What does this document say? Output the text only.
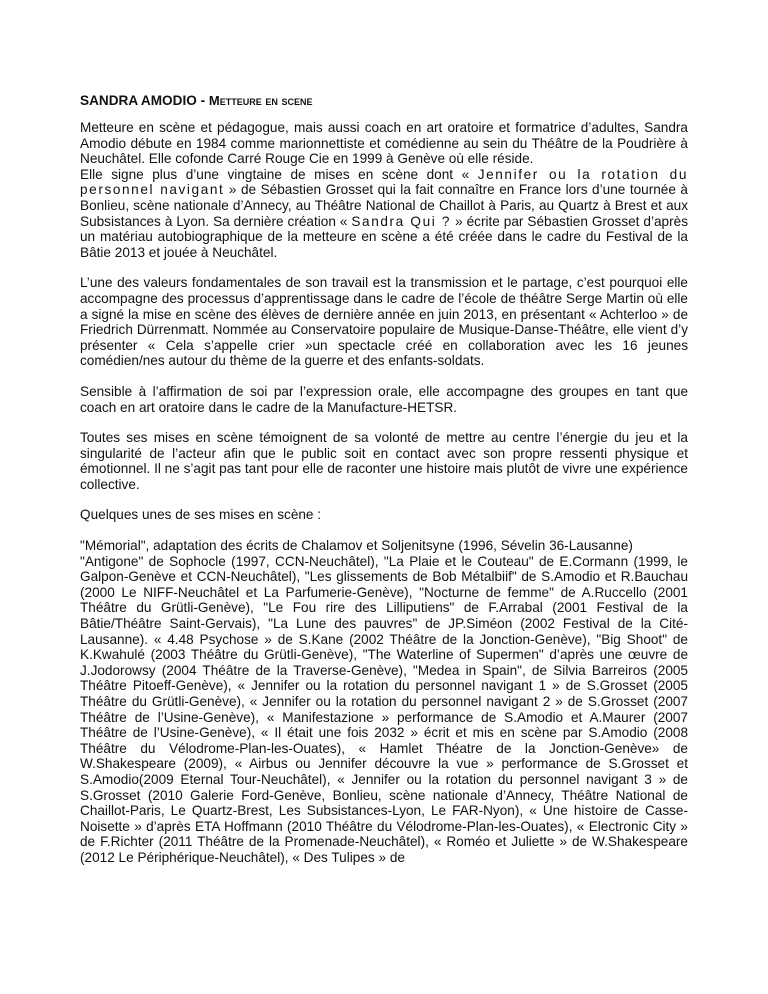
SANDRA AMODIO - Metteure en scene

Metteure en scène et pédagogue, mais aussi coach en art oratoire et formatrice d’adultes, Sandra Amodio débute en 1984 comme marionnettiste et comédienne au sein du Théâtre de la Poudrière à Neuchâtel. Elle cofonde Carré Rouge Cie en 1999 à Genève où elle réside.

Elle signe plus d’une vingtaine de mises en scène dont « Jennifer ou la rotation du personnel navigant » de Sébastien Grosset qui la fait connaître en France lors d’une tournée à Bonlieu, scène nationale d’Annecy, au Théâtre National de Chaillot à Paris, au Quartz à Brest et aux Subsistances à Lyon. Sa dernière création « Sandra Qui ? » écrite par Sébastien Grosset d’après un matériau autobiographique de la metteure en scène a été créée dans le cadre du Festival de la Bâtie 2013 et jouée à Neuchâtel.

L’une des valeurs fondamentales de son travail est la transmission et le partage, c’est pourquoi elle accompagne des processus d’apprentissage dans le cadre de l’école de théâtre Serge Martin où elle a signé la mise en scène des élèves de dernière année en juin 2013, en présentant « Achterloo » de Friedrich Dürrenmatt. Nommée au Conservatoire populaire de Musique-Danse-Théâtre, elle vient d’y présenter « Cela s’appelle crier »un spectacle créé en collaboration avec les 16 jeunes comédien/nes autour du thème de la guerre et des enfants-soldats.

Sensible à l’affirmation de soi par l’expression orale, elle accompagne des groupes en tant que coach en art oratoire dans le cadre de la Manufacture-HETSR.

Toutes ses mises en scène témoignent de sa volonté de mettre au centre l’énergie du jeu et la singularité de l’acteur afin que le public soit en contact avec son propre ressenti physique et émotionnel. Il ne s’agit pas tant pour elle de raconter une histoire mais plutôt de vivre une expérience collective.

Quelques unes de ses mises en scène :

"Mémorial", adaptation des écrits de Chalamov et Soljenitsyne (1996, Sévelin 36-Lausanne)

"Antigone" de Sophocle (1997, CCN-Neuchâtel), "La Plaie et le Couteau" de E.Cormann (1999, le Galpon-Genève et CCN-Neuchâtel), "Les glissements de Bob Métalbiif" de S.Amodio et R.Bauchau (2000 Le NIFF-Neuchâtel et La Parfumerie-Genève), "Nocturne de femme" de A.Ruccello (2001 Théâtre du Grütli-Genève), "Le Fou rire des Lilliputiens" de F.Arrabal (2001 Festival de la Bâtie/Théâtre Saint-Gervais), "La Lune des pauvres" de JP.Siméon (2002 Festival de la Cité-Lausanne). « 4.48 Psychose » de S.Kane (2002 Théâtre de la Jonction-Genève), "Big Shoot" de K.Kwahulé (2003 Théâtre du Grütli-Genève), "The Waterline of Supermen" d’après une œuvre de J.Jodorowsy (2004 Théâtre de la Traverse-Genève), "Medea in Spain", de Silvia Barreiros (2005 Théâtre Pitoeff-Genève), « Jennifer ou la rotation du personnel navigant 1 » de S.Grosset (2005 Théâtre du Grütli-Genève), « Jennifer ou la rotation du personnel navigant 2 » de S.Grosset (2007 Théâtre de l’Usine-Genève), « Manifestazione » performance de S.Amodio et A.Maurer (2007 Théâtre de l’Usine-Genève), « Il était une fois 2032 » écrit et mis en scène par S.Amodio (2008 Théâtre du Vélodrome-Plan-les-Ouates), « Hamlet Théatre de la Jonction-Genève» de W.Shakespeare (2009), « Airbus ou Jennifer découvre la vue » performance de S.Grosset et S.Amodio(2009 Eternal Tour-Neuchâtel), « Jennifer ou la rotation du personnel navigant 3 » de S.Grosset (2010 Galerie Ford-Genève, Bonlieu, scène nationale d’Annecy, Théâtre National de Chaillot-Paris, Le Quartz-Brest, Les Subsistances-Lyon, Le FAR-Nyon), « Une histoire de Casse-Noisette » d’après ETA Hoffmann (2010 Théâtre du Vélodrome-Plan-les-Ouates), « Electronic City » de F.Richter (2011 Théâtre de la Promenade-Neuchâtel), « Roméo et Juliette » de W.Shakespeare (2012 Le Périphérique-Neuchâtel), « Des Tulipes » de
